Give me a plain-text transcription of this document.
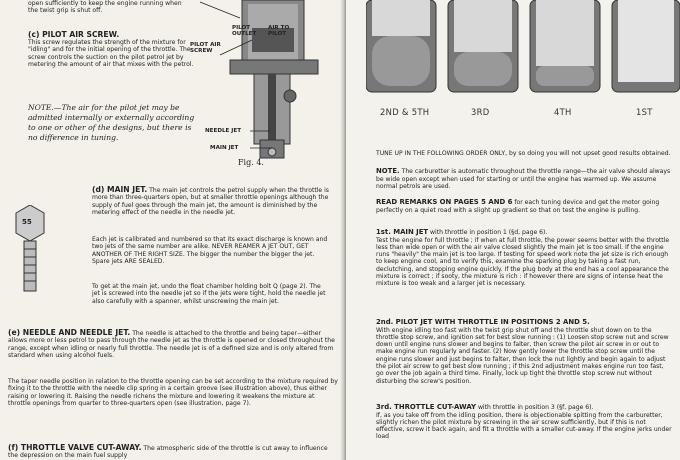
open sufficiently to keep the engine running when the twist grip is shut off.

(c) PILOT AIR SCREW.

This screw regulates the strength of the mixture for "idling" and for the initial opening of the throttle. The screw controls the suction on the pilot petrol jet by metering the amount of air that mixes with the petrol.

NOTE.—The air for the pilot jet may be admitted internally or externally according to one or other of the designs, but there is no difference in tuning.
PILOT OUTLET
AIR TO PILOT
PILOT AIR SCREW
NEEDLE JET
MAIN JET
Fig. 4.
55

(d) MAIN JET. The main jet controls the petrol supply when the throttle is more than three-quarters open, but at smaller throttle openings although the supply of fuel goes through the main jet, the amount is diminished by the metering effect of the needle in the needle jet.

Each jet is calibrated and numbered so that its exact discharge is known and two jets of the same number are alike. NEVER REAMER A JET OUT, GET ANOTHER OF THE RIGHT SIZE. The bigger the number the bigger the jet. Spare jets ARE SEALED.
To get at the main jet, undo the float chamber holding bolt Q (page 2). The jet is screwed into the needle jet so if the jets were tight, hold the needle jet also carefully with a spanner, whilst unscrewing the main jet.

(e) NEEDLE AND NEEDLE JET. The needle is attached to the throttle and being taper—either allows more or less petrol to pass through the needle jet as the throttle is opened or closed throughout the range, except when idling or nearly full throttle. The needle jet is of a defined size and is only altered from standard when using alcohol fuels.

The taper needle position in relation to the throttle opening can be set according to the mixture required by fixing it to the throttle with the needle clip spring in a certain groove (see illustration above), thus either raising or lowering it. Raising the needle richens the mixture and lowering it weakens the mixture at throttle openings from quarter to three-quarters open (see illustration, page 7).

(f) THROTTLE VALVE CUT-AWAY. The atmospheric side of the throttle is cut away to influence the depression on the main fuel supply

2ND & 5TH	3RD	4TH	1ST
TUNE UP IN THE FOLLOWING ORDER ONLY, by so doing you will not upset good results obtained.

NOTE. The carburetter is automatic throughout the throttle range—the air valve should always be wide open except when used for starting or until the engine has warmed up. We assume normal petrols are used.

READ REMARKS ON PAGES 5 AND 6 for each tuning device and get the motor going perfectly on a quiet road with a slight up gradient so that on test the engine is pulling.

1st. MAIN JET with throttle in position 1 (§d, page 6).

Test the engine for full throttle ; if when at full throttle, the power seems better with the throttle less than wide open or with the air valve closed slightly the main jet is too small. If the engine runs "heavily" the main jet is too large. If testing for speed work note the jet size is rich enough to keep engine cool, and to verify this, examine the sparking plug by taking a fast run, declutching, and stopping engine quickly. If the plug body at the end has a cool appearance the mixture is correct ; if sooty, the mixture is rich : if however there are signs of intense heat the mixture is too weak and a larger jet is necessary.

2nd. PILOT JET WITH THROTTLE IN POSITIONS 2 AND 5.

With engine idling too fast with the twist grip shut off and the throttle shut down on to the throttle stop screw, and ignition set for best slow running : (1) Loosen stop screw nut and screw down until engine runs slower and begins to falter, then screw the pilot air screw in or out to make engine run regularly and faster. (2) Now gently lower the throttle stop screw until the engine runs slower and just begins to falter, then lock the nut lightly and begin again to adjust the pilot air screw to get best slow running ; if this 2nd adjustment makes engine run too fast, go over the job again a third time. Finally, lock up tight the throttle stop screw nut without disturbing the screw's position.

3rd. THROTTLE CUT-AWAY with throttle in position 3 (§f, page 6).

If, as you take off from the idling position, there is objectionable spitting from the carburetter, slightly richen the pilot mixture by screwing in the air screw sufficiently, but if this is not effective, screw it back again, and fit a throttle with a smaller cut-away. If the engine jerks under load
